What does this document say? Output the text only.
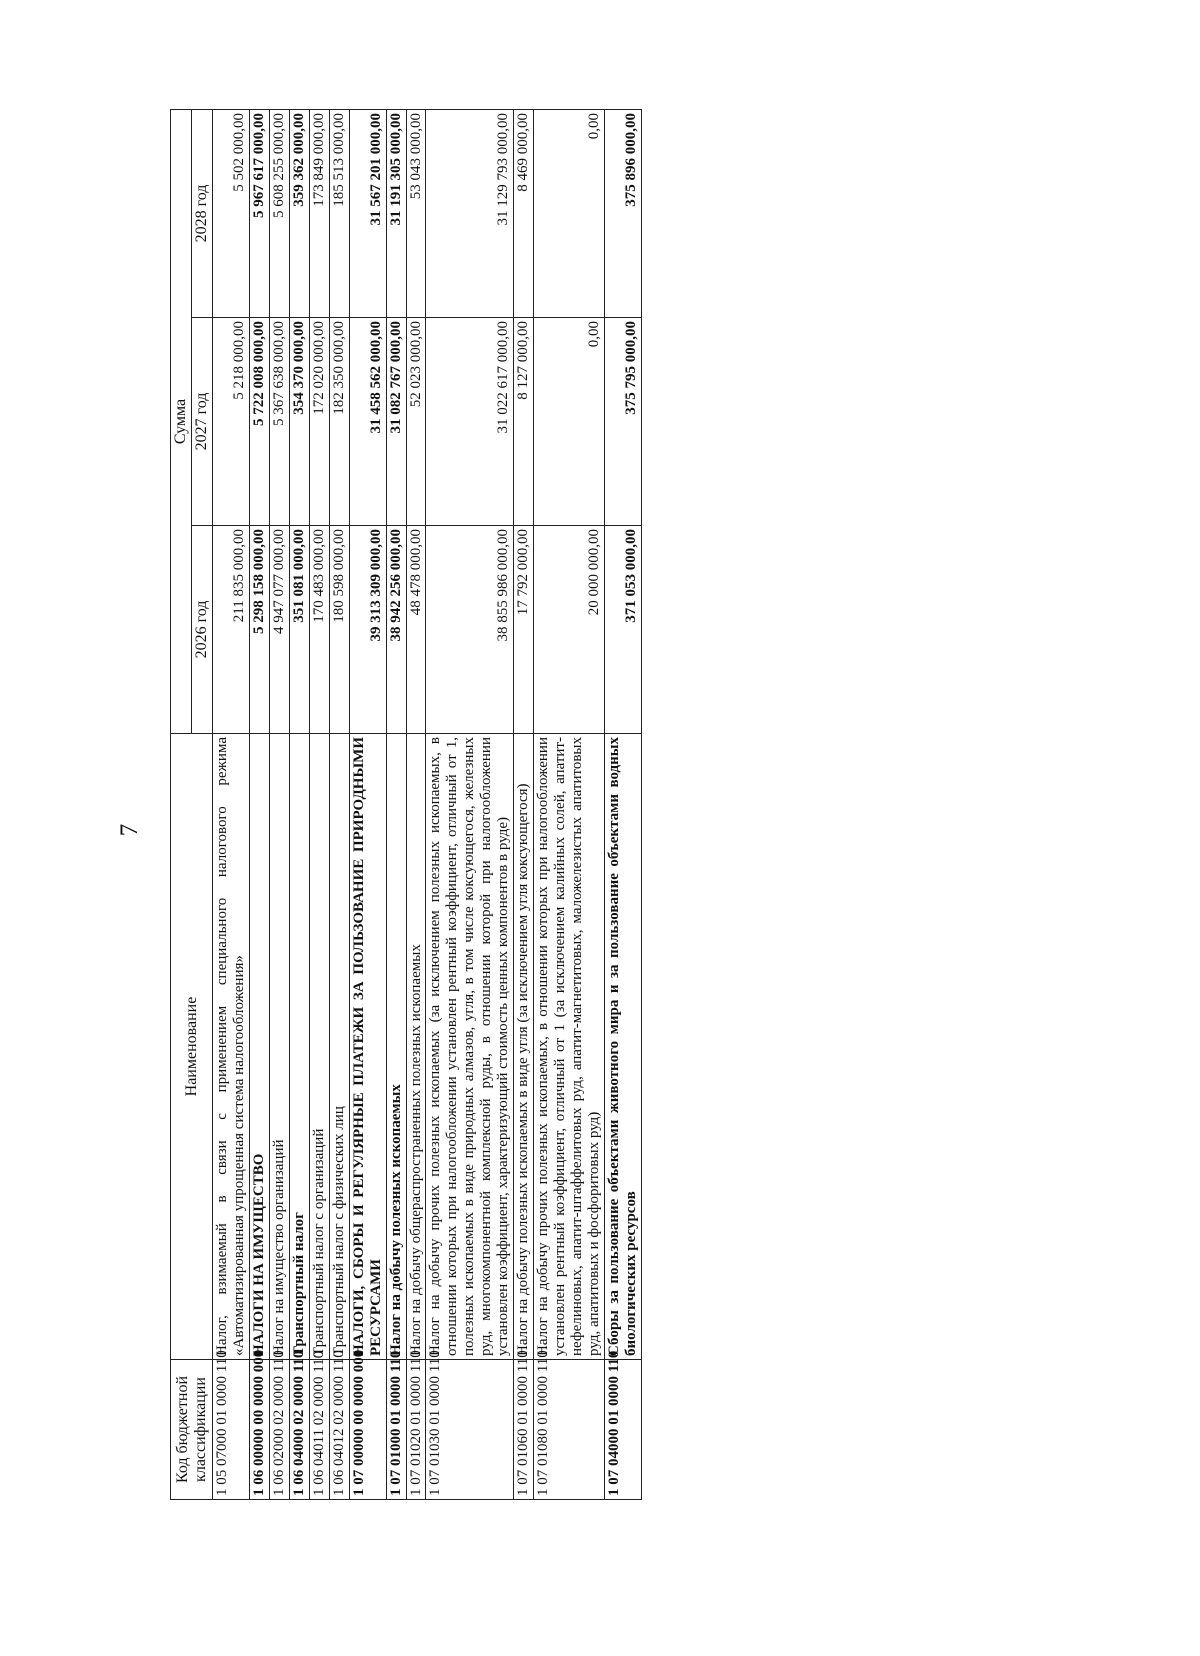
7
Код бюджетной классификации	Наименование	Сумма		
		2026 год	2027 год	2028 год
1 05 07000 01 0000 110	Налог, взимаемый в связи с применением специального налогового режима «Автоматизированная упрощенная система налогообложения»	211 835 000,00	5 218 000,00	5 502 000,00
1 06 00000 00 0000 000	НАЛОГИ НА ИМУЩЕСТВО	5 298 158 000,00	5 722 008 000,00	5 967 617 000,00
1 06 02000 02 0000 110	Налог на имущество организаций	4 947 077 000,00	5 367 638 000,00	5 608 255 000,00
1 06 04000 02 0000 110	Транспортный налог	351 081 000,00	354 370 000,00	359 362 000,00
1 06 04011 02 0000 110	Транспортный налог с организаций	170 483 000,00	172 020 000,00	173 849 000,00
1 06 04012 02 0000 110	Транспортный налог с физических лиц	180 598 000,00	182 350 000,00	185 513 000,00
1 07 00000 00 0000 000	НАЛОГИ, СБОРЫ И РЕГУЛЯРНЫЕ ПЛАТЕЖИ ЗА ПОЛЬЗОВАНИЕ ПРИРОДНЫМИ РЕСУРСАМИ	39 313 309 000,00	31 458 562 000,00	31 567 201 000,00
1 07 01000 01 0000 110	Налог на добычу полезных ископаемых	38 942 256 000,00	31 082 767 000,00	31 191 305 000,00
1 07 01020 01 0000 110	Налог на добычу общераспространенных полезных ископаемых	48 478 000,00	52 023 000,00	53 043 000,00
1 07 01030 01 0000 110	Налог на добычу прочих полезных ископаемых (за исключением полезных ископаемых, в отношении которых при налогообложении установлен рентный коэффициент, отличный от 1, полезных ископаемых в виде природных алмазов, угля, в том числе коксующегося, железных руд, многокомпонентной комплексной руды, в отношении которой при налогообложении установлен коэффициент, характеризующий стоимость ценных компонентов в руде)	38 855 986 000,00	31 022 617 000,00	31 129 793 000,00
1 07 01060 01 0000 110	Налог на добычу полезных ископаемых в виде угля (за исключением угля коксующегося)	17 792 000,00	8 127 000,00	8 469 000,00
1 07 01080 01 0000 110	Налог на добычу прочих полезных ископаемых, в отношении которых при налогообложении установлен рентный коэффициент, отличный от 1 (за исключением калийных солей, апатит-нефелиновых, апатит-штаффелитовых руд, апатит-магнетитовых, маложелезистых апатитовых руд, апатитовых и фосфоритовых руд)	20 000 000,00	0,00	0,00
1 07 04000 01 0000 110	Сборы за пользование объектами животного мира и за пользование объектами водных биологических ресурсов	371 053 000,00	375 795 000,00	375 896 000,00
